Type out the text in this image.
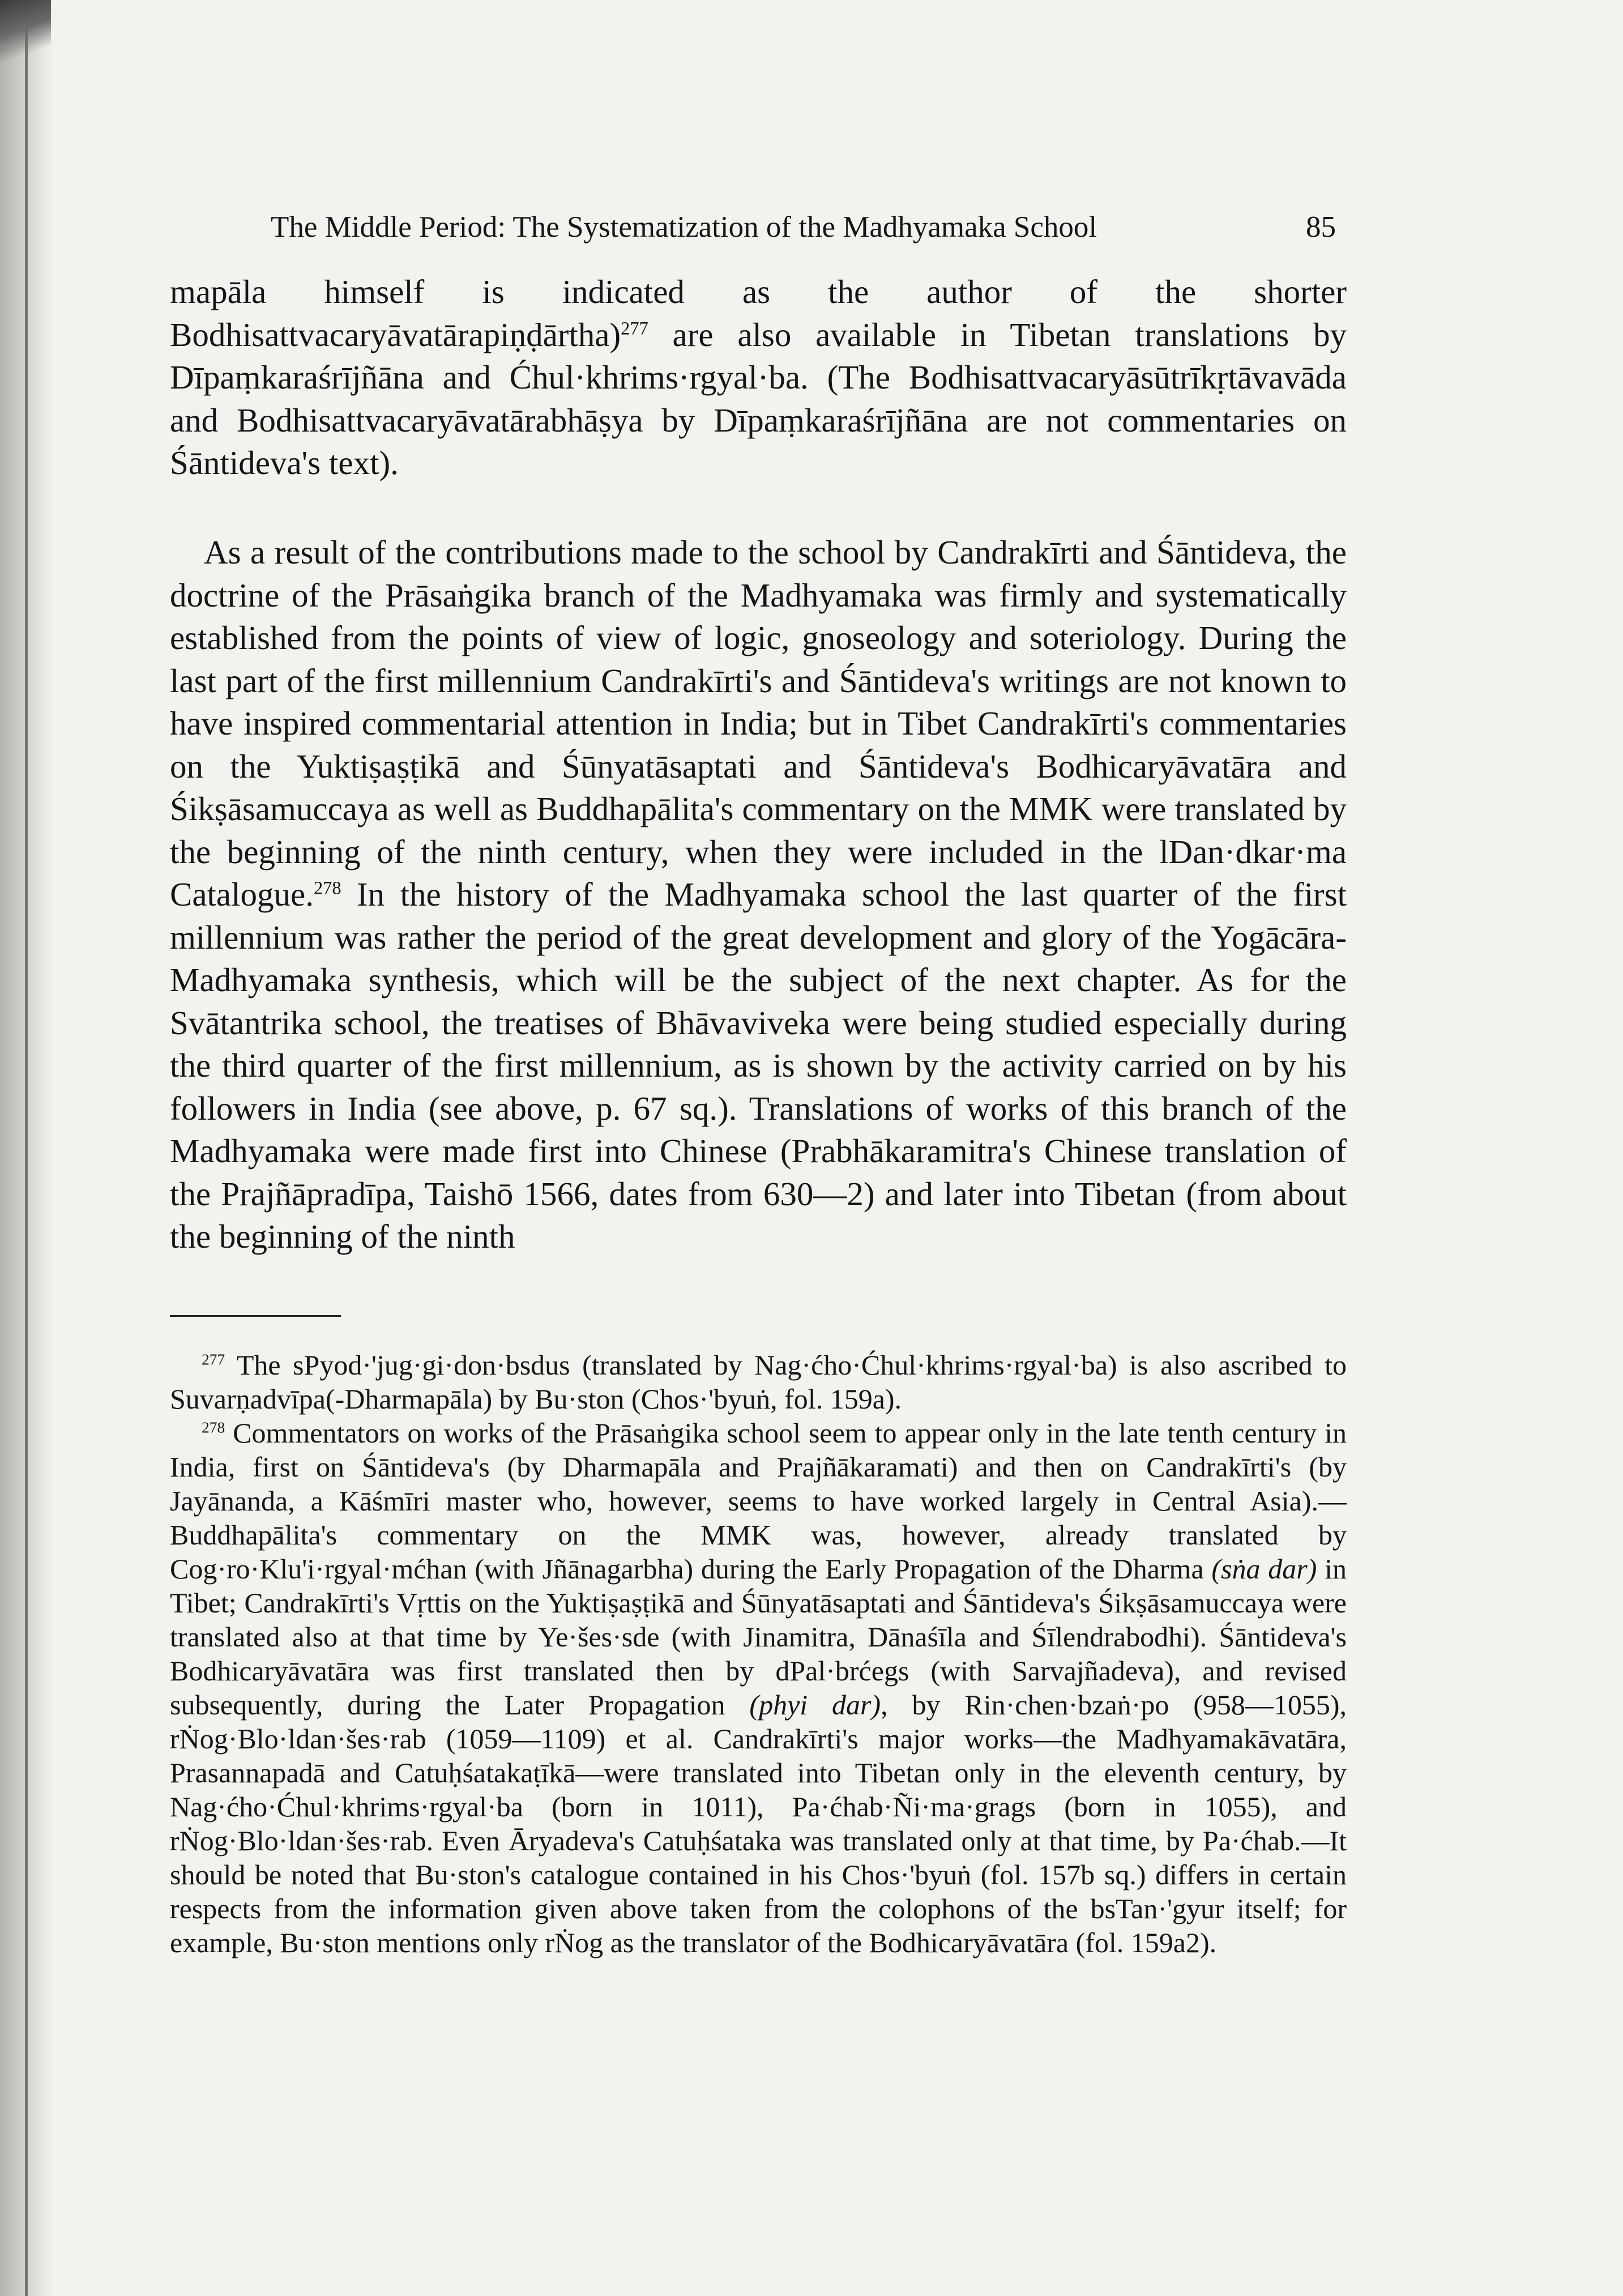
The Middle Period: The Systematization of the Madhyamaka School	85

mapāla himself is indicated as the author of the shorter Bodhisattvacaryāvatārapiṇḍārtha)$^{277}$ are also available in Tibetan translations by Dīpaṃkaraśrījñāna and Ćhul·khrims·rgyal·ba. (The Bodhisattvacaryāsūtrīkṛtāvavāda and Bodhisattvacaryāvatārabhāṣya by Dīpaṃkaraśrījñāna are not commentaries on Śāntideva's text).

As a result of the contributions made to the school by Candrakīrti and Śāntideva, the doctrine of the Prāsaṅgika branch of the Madhyamaka was firmly and systematically established from the points of view of logic, gnoseology and soteriology. During the last part of the first millennium Candrakīrti's and Śāntideva's writings are not known to have inspired commentarial attention in India; but in Tibet Candrakīrti's commentaries on the Yuktiṣaṣṭikā and Śūnyatāsaptati and Śāntideva's Bodhicaryāvatāra and Śikṣāsamuccaya as well as Buddhapālita's commentary on the MMK were translated by the beginning of the ninth century, when they were included in the lDan·dkar·ma Catalogue.$^{278}$ In the history of the Madhyamaka school the last quarter of the first millennium was rather the period of the great development and glory of the Yogācāra-Madhyamaka synthesis, which will be the subject of the next chapter. As for the Svātantrika school, the treatises of Bhāvaviveka were being studied especially during the third quarter of the first millennium, as is shown by the activity carried on by his followers in India (see above, p. 67 sq.). Translations of works of this branch of the Madhyamaka were made first into Chinese (Prabhākaramitra's Chinese translation of the Prajñāpradīpa, Taishō 1566, dates from 630—2) and later into Tibetan (from about the beginning of the ninth

$^{277}$ The sPyod·'jug·gi·don·bsdus (translated by Nag·ćho·Ćhul·khrims·rgyal·ba) is also ascribed to Suvarṇadvīpa(-Dharmapāla) by Bu·ston (Chos·'byuṅ, fol. 159a).

$^{278}$ Commentators on works of the Prāsaṅgika school seem to appear only in the late tenth century in India, first on Śāntideva's (by Dharmapāla and Prajñākaramati) and then on Candrakīrti's (by Jayānanda, a Kāśmīri master who, however, seems to have worked largely in Central Asia).—Buddhapālita's commentary on the MMK was, however, already translated by Cog·ro·Klu'i·rgyal·mćhan (with Jñānagarbha) during the Early Propagation of the Dharma (sṅa dar) in Tibet; Candrakīrti's Vṛttis on the Yuktiṣaṣṭikā and Śūnyatāsaptati and Śāntideva's Śikṣāsamuccaya were translated also at that time by Ye·šes·sde (with Jinamitra, Dānaśīla and Śīlendrabodhi). Śāntideva's Bodhicaryāvatāra was first translated then by dPal·brćegs (with Sarvajñadeva), and revised subsequently, during the Later Propagation (phyi dar), by Rin·chen·bzaṅ·po (958—1055), rṄog·Blo·ldan·šes·rab (1059—1109) et al. Candrakīrti's major works—the Madhyamakāvatāra, Prasannapadā and Catuḥśatakaṭīkā—were translated into Tibetan only in the eleventh century, by Nag·ćho·Ćhul·khrims·rgyal·ba (born in 1011), Pa·ćhab·Ñi·ma·grags (born in 1055), and rṄog·Blo·ldan·šes·rab. Even Āryadeva's Catuḥśataka was translated only at that time, by Pa·ćhab.—It should be noted that Bu·ston's catalogue contained in his Chos·'byuṅ (fol. 157b sq.) differs in certain respects from the information given above taken from the colophons of the bsTan·'gyur itself; for example, Bu·ston mentions only rṄog as the translator of the Bodhicaryāvatāra (fol. 159a2).
